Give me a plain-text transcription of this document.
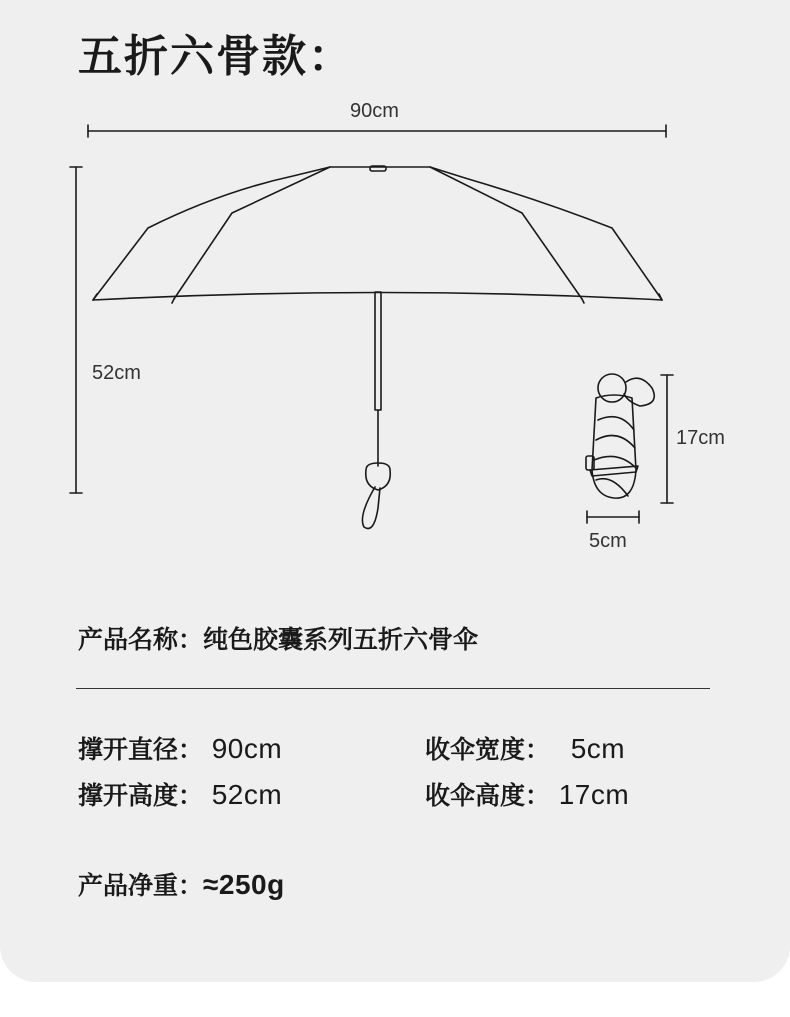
五折六骨款：
90cm
52cm
17cm
5cm
产品名称：纯色胶囊系列五折六骨伞
撑开直径： 90cm	收伞宽度： 5cm
撑开高度： 52cm	收伞高度： 17cm
产品净重：≈250g
